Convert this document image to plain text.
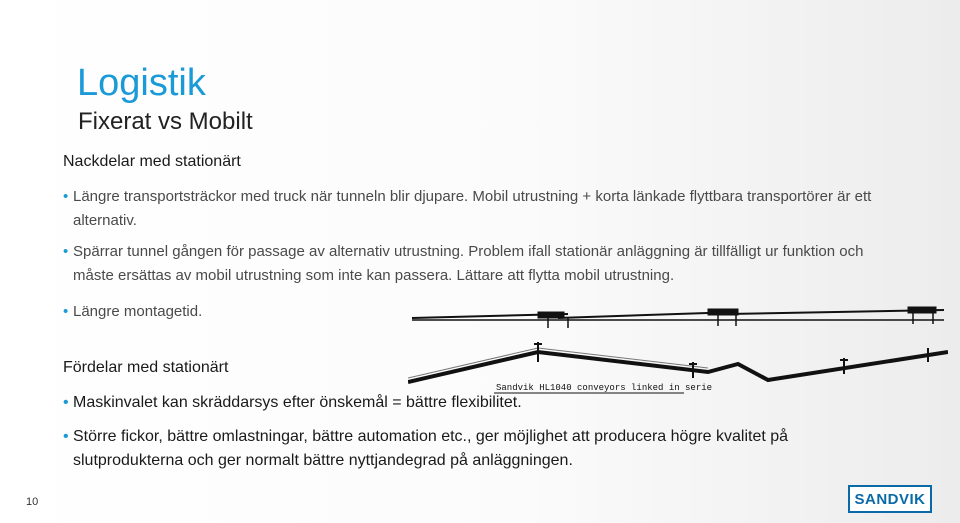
Logistik
Fixerat vs Mobilt
Nackdelar med stationärt
• Längre transportsträckor med truck när tunneln blir djupare. Mobil utrustning + korta länkade flyttbara transportörer är ett alternativ.
• Spärrar tunnel gången för passage av alternativ utrustning. Problem ifall stationär anläggning är tillfälligt ur funktion och måste ersättas av mobil utrustning som inte kan passera. Lättare att flytta mobil utrustning.
• Längre montagetid.
Fördelar med stationärt
• Maskinvalet kan skräddarsys efter önskemål = bättre flexibilitet.
• Större fickor, bättre omlastningar, bättre automation etc., ger möjlighet att producera högre kvalitet på slutprodukterna och ger normalt bättre nyttjandegrad på anläggningen.
Sandvik HL1040 conveyors linked in serie
10	SANDVIK
